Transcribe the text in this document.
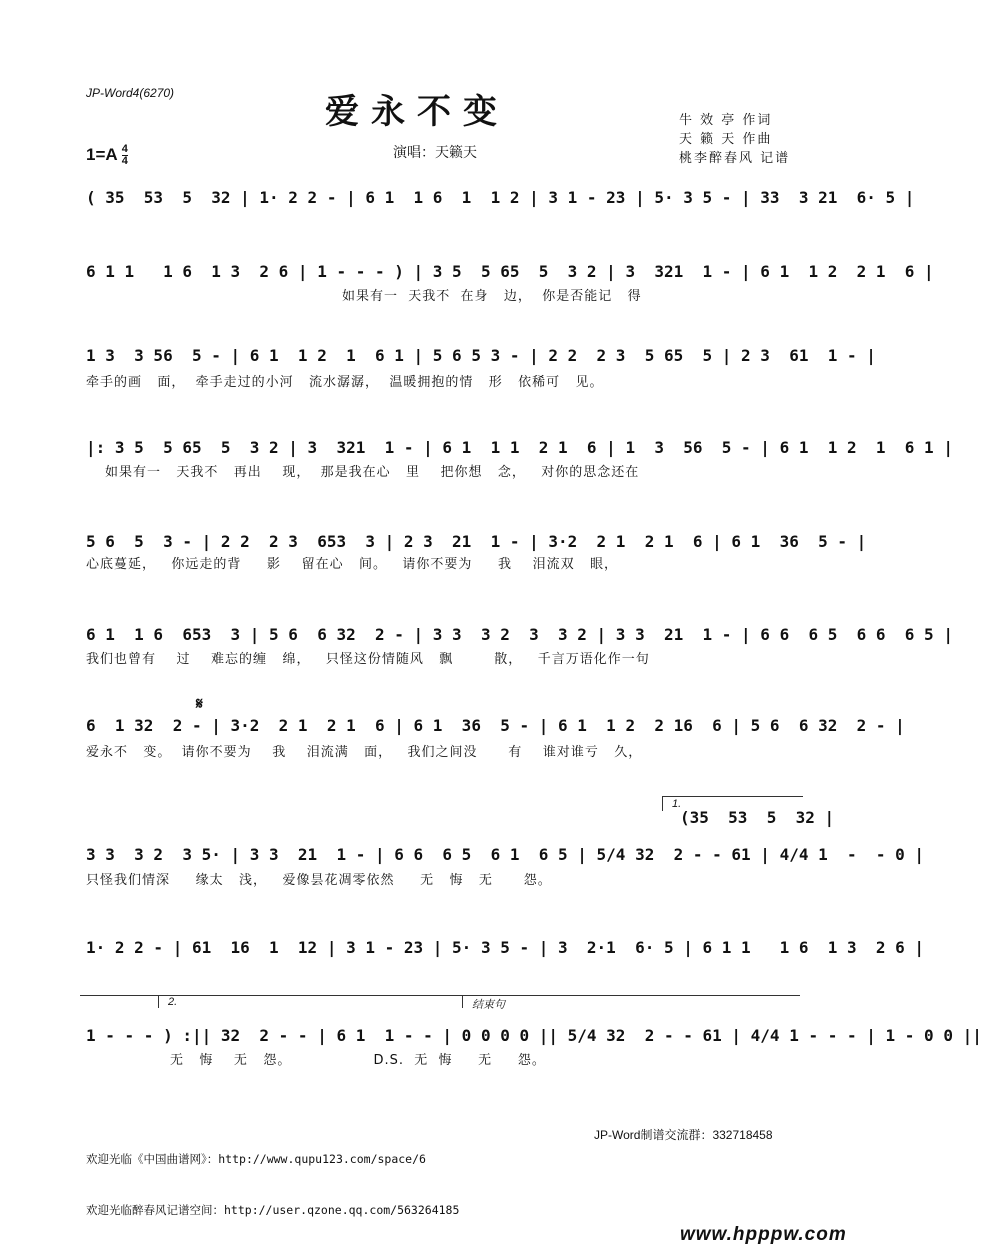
JP-Word4(6270)	爱永不变
$1=A \frac{4}{4}$	演唱：天籁天
牛 效 亭 作词
天 籁 天 作曲
桃李醉春风 记谱
( 35  53  5  32 | 1· 2 2 - | 6 1  1 6  1  1 2 | 3 1 - 23 | 5· 3 5 - | 33  3 21  6· 5 |
6 1 1   1 6  1 3  2 6 | 1 - - - ) | 3 5  5 65  5  3 2 | 3  321  1 - | 6 1  1 2  2 1  6 |
如果有一  天我不  在身   边，  你是否能记   得
1 3  3 56  5 - | 6 1  1 2  1  6 1 | 5 6 5 3 - | 2 2  2 3  5 65  5 | 2 3  61  1 - |
牵手的画   面，  牵手走过的小河   流水潺潺，  温暖拥抱的情   形   依稀可   见。
|: 3 5  5 65  5  3 2 | 3  321  1 - | 6 1  1 1  2 1  6 | 1  3  56  5 - | 6 1  1 2  1  6 1 |
如果有一   天我不   再出    现，  那是我在心   里    把你想   念，   对你的思念还在
5 6  5  3 - | 2 2  2 3  653  3 | 2 3  21  1 - | 3·2  2 1  2 1  6 | 6 1  36  5 - |
心底蔓延，   你远走的背     影    留在心   间。   请你不要为     我    泪流双   眼，
6 1  1 6  653  3 | 5 6  6 32  2 - | 3 3  3 2  3  3 2 | 3 3  21  1 - | 6 6  6 5  6 6  6 5 |
我们也曾有    过    难忘的缠   绵，   只怪这份情随风   飘        散，   千言万语化作一句
𝄋
6  1 32  2 - | 3·2  2 1  2 1  6 | 6 1  36  5 - | 6 1  1 2  2 16  6 | 5 6  6 32  2 - |
爱永不   变。  请你不要为    我    泪流满   面，   我们之间没      有    谁对谁亏   久，
1.
(35  53  5  32 |
3 3  3 2  3 5· | 3 3  21  1 - | 6 6  6 5  6 1  6 5 | 5/4 32  2 - - 61 | 4/4 1  -  - 0 |
只怪我们情深     缘太   浅，   爱像昙花凋零依然     无   悔   无      怨。
1· 2 2 - | 61  16  1  12 | 3 1 - 23 | 5· 3 5 - | 3  2·1  6· 5 | 6 1 1   1 6  1 3  2 6 |
2.	结束句
1 - - - ) :|| 32  2 - - | 6 1  1 - - | 0 0 0 0 || 5/4 32  2 - - 61 | 4/4 1 - - - | 1 - 0 0 ||
无   悔    无   怨。                D.S.  无  悔     无     怨。

欢迎光临《中国曲谱网》：http://www.qupu123.com/space/6

欢迎光临醉春风记谱空间：http://user.qzone.qq.com/563264185

JP-Word制谱交流群：332718458
www.hpppw.com
